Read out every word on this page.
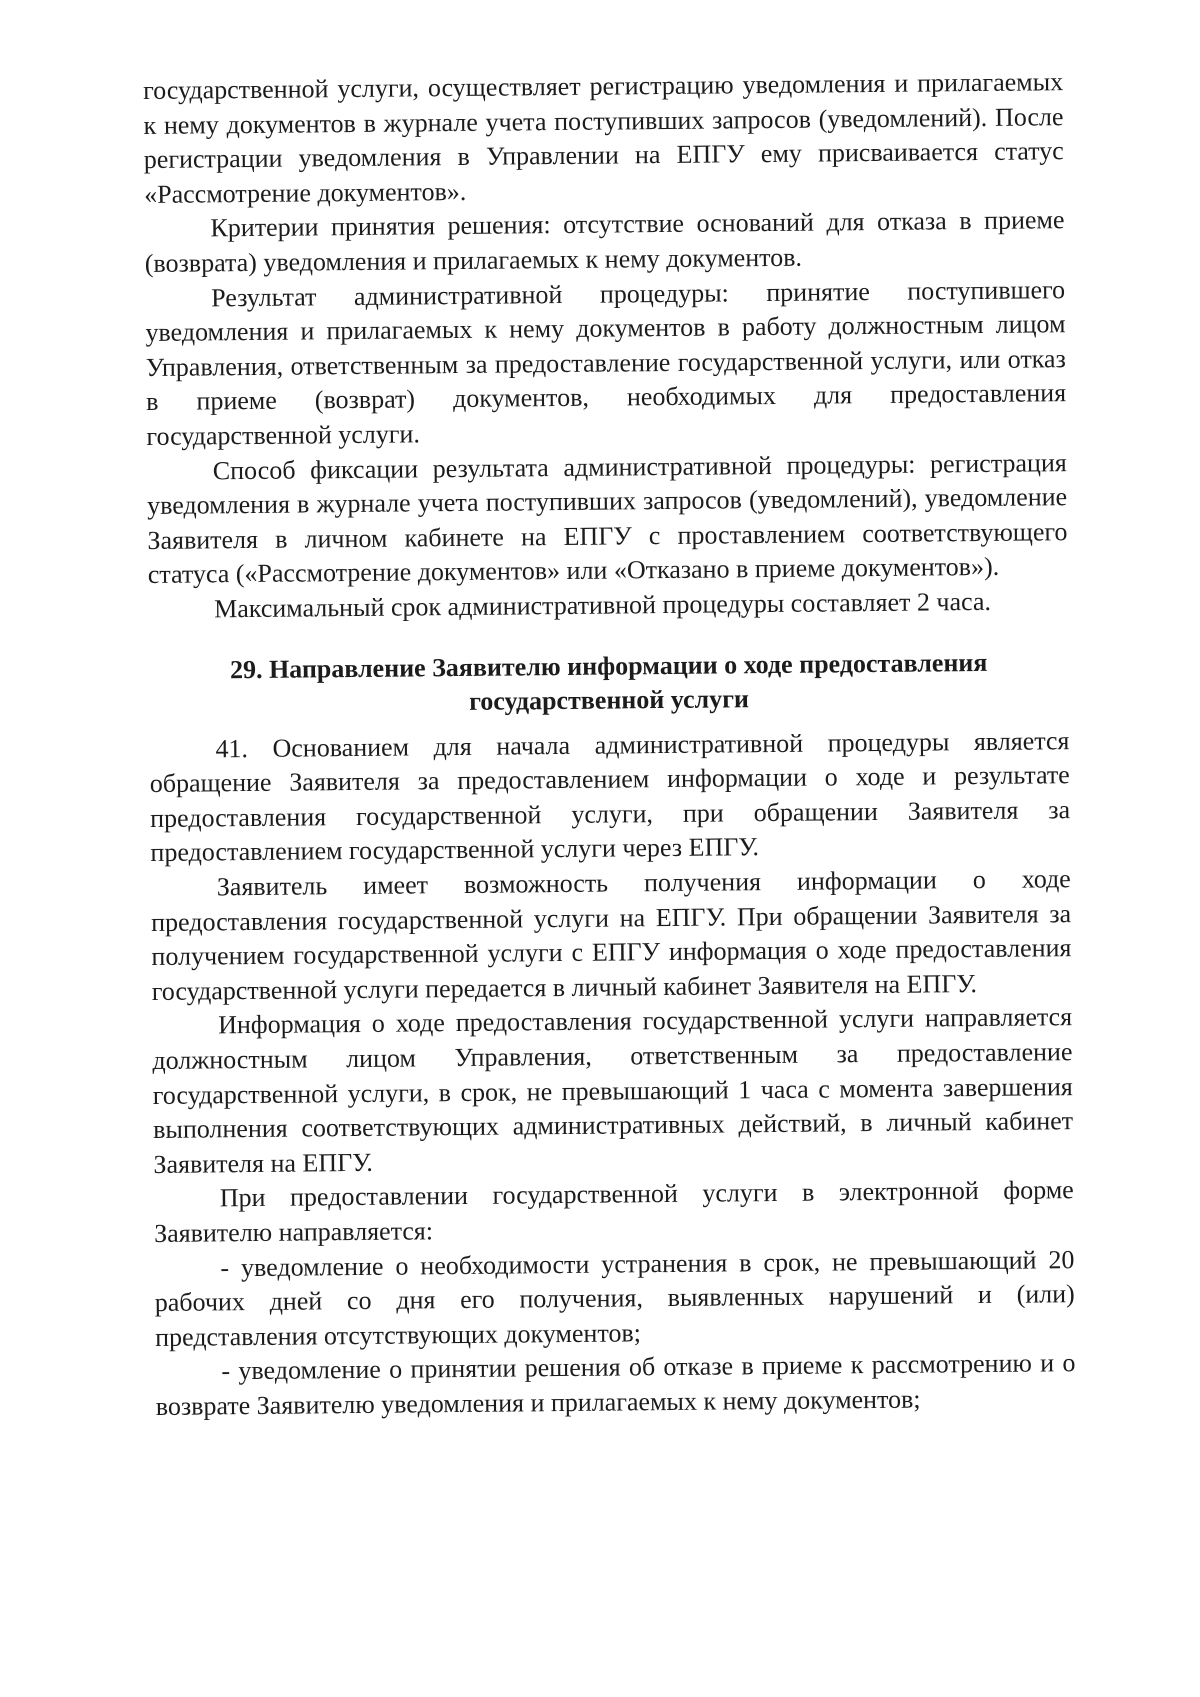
государственной услуги, осуществляет регистрацию уведомления и прилагаемых к нему документов в журнале учета поступивших запросов (уведомлений). После регистрации уведомления в Управлении на ЕПГУ ему присваивается статус «Рассмотрение документов».

Критерии принятия решения: отсутствие оснований для отказа в приеме (возврата) уведомления и прилагаемых к нему документов.

Результат административной процедуры: принятие поступившего уведомления и прилагаемых к нему документов в работу должностным лицом Управления, ответственным за предоставление государственной услуги, или отказ в приеме (возврат) документов, необходимых для предоставления государственной услуги.

Способ фиксации результата административной процедуры: регистрация уведомления в журнале учета поступивших запросов (уведомлений), уведомление Заявителя в личном кабинете на ЕПГУ с проставлением соответствующего статуса («Рассмотрение документов» или «Отказано в приеме документов»).

Максимальный срок административной процедуры составляет 2 часа.

29. Направление Заявителю информации о ходе предоставления государственной услуги

41. Основанием для начала административной процедуры является обращение Заявителя за предоставлением информации о ходе и результате предоставления государственной услуги, при обращении Заявителя за предоставлением государственной услуги через ЕПГУ.

Заявитель имеет возможность получения информации о ходе предоставления государственной услуги на ЕПГУ. При обращении Заявителя за получением государственной услуги с ЕПГУ информация о ходе предоставления государственной услуги передается в личный кабинет Заявителя на ЕПГУ.

Информация о ходе предоставления государственной услуги направляется должностным лицом Управления, ответственным за предоставление государственной услуги, в срок, не превышающий 1 часа с момента завершения выполнения соответствующих административных действий, в личный кабинет Заявителя на ЕПГУ.

При предоставлении государственной услуги в электронной форме Заявителю направляется:

- уведомление о необходимости устранения в срок, не превышающий 20 рабочих дней со дня его получения, выявленных нарушений и (или) представления отсутствующих документов;

- уведомление о принятии решения об отказе в приеме к рассмотрению и о возврате Заявителю уведомления и прилагаемых к нему документов;
